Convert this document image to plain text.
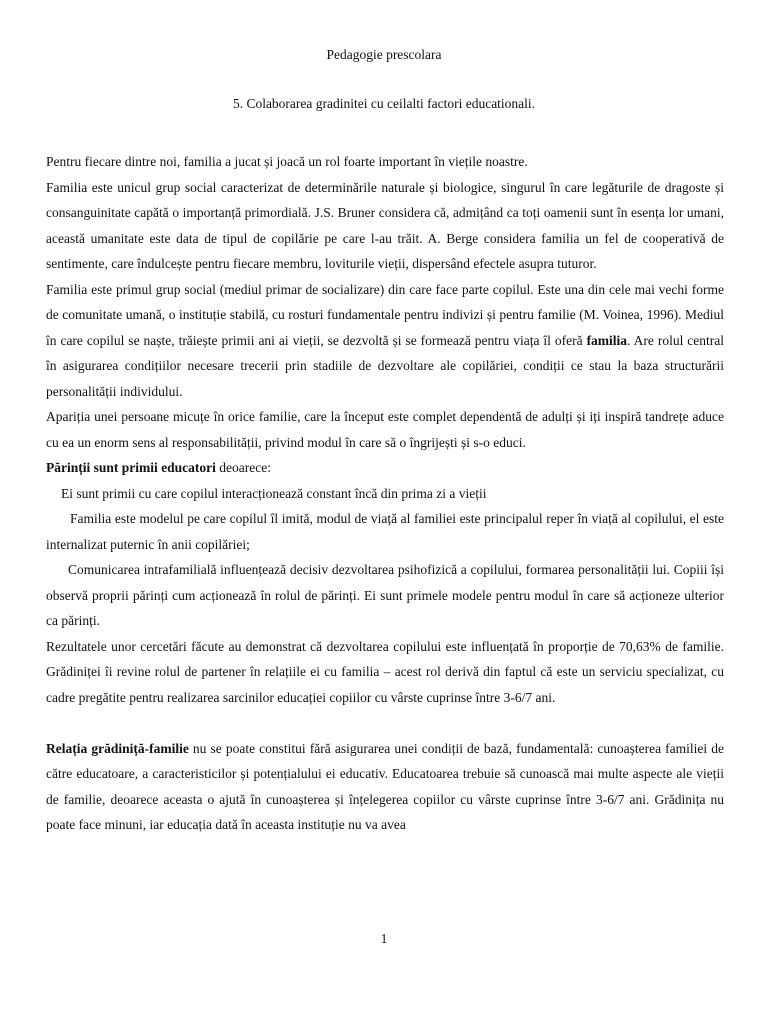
Pedagogie prescolara
5. Colaborarea gradinitei cu ceilalti factori educationali.

Pentru fiecare dintre noi, familia a jucat și joacă un rol foarte important în viețile noastre.

Familia este unicul grup social caracterizat de determinările naturale și biologice, singurul în care legăturile de dragoste și consanguinitate capătă o importanță primordială. J.S. Bruner considera că, admițând ca toți oamenii sunt în esența lor umani, această umanitate este data de tipul de copilărie pe care l-au trăit. A. Berge considera familia un fel de cooperativă de sentimente, care îndulcește pentru fiecare membru, loviturile vieții, dispersând efectele asupra tuturor.

Familia este primul grup social (mediul primar de socializare) din care face parte copilul. Este una din cele mai vechi forme de comunitate umană, o instituție stabilă, cu rosturi fundamentale pentru indivizi și pentru familie (M. Voinea, 1996). Mediul în care copilul se naște, trăiește primii ani ai vieții, se dezvoltă și se formează pentru viața îl oferă familia. Are rolul central în asigurarea condițiilor necesare trecerii prin stadiile de dezvoltare ale copilăriei, condiții ce stau la baza structurării personalității individului.

Apariția unei persoane micuțe în orice familie, care la început este complet dependentă de adulți și iți inspiră tandrețe aduce cu ea un enorm sens al responsabilității, privind modul în care să o îngrijești și s-o educi.

Părinții sunt primii educatori deoarece:

Ei sunt primii cu care copilul interacționează constant încă din prima zi a vieții

Familia este modelul pe care copilul îl imită, modul de viață al familiei este principalul reper în viață al copilului, el este internalizat puternic în anii copilăriei;

Comunicarea intrafamilială influențează decisiv dezvoltarea psihofizică a copilului, formarea personalității lui. Copiii își observă proprii părinți cum acționează în rolul de părinți. Ei sunt primele modele pentru modul în care să acționeze ulterior ca părinți.

Rezultatele unor cercetări făcute au demonstrat că dezvoltarea copilului este influențată în proporție de 70,63% de familie. Grădiniței îi revine rolul de partener în relațiile ei cu familia – acest rol derivă din faptul că este un serviciu specializat, cu cadre pregătite pentru realizarea sarcinilor educației copiilor cu vârste cuprinse între 3-6/7 ani.

Relația grădiniță-familie nu se poate constitui fără asigurarea unei condiții de bază, fundamentală: cunoașterea familiei de către educatoare, a caracteristicilor și potențialului ei educativ. Educatoarea trebuie să cunoască mai multe aspecte ale vieții de familie, deoarece aceasta o ajută în cunoașterea și înțelegerea copiilor cu vârste cuprinse între 3-6/7 ani. Grădinița nu poate face minuni, iar educația dată în aceasta instituție nu va avea

1
